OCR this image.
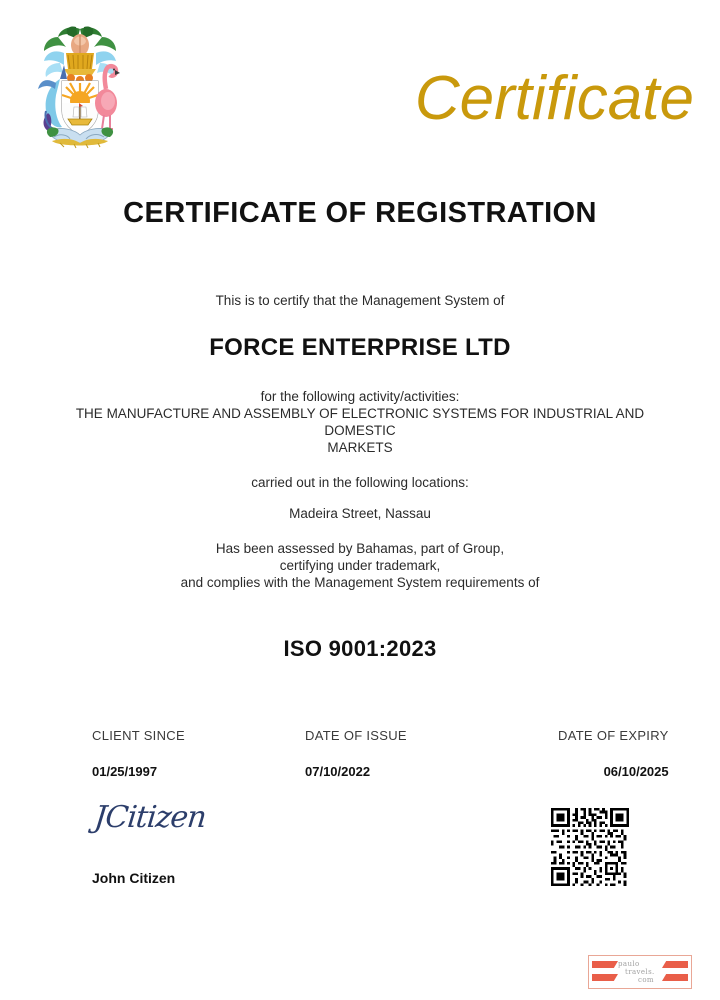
Certificate
CERTIFICATE OF REGISTRATION
This is to certify that the Management System of
FORCE ENTERPRISE LTD
for the following activity/activities:
THE MANUFACTURE AND ASSEMBLY OF ELECTRONIC SYSTEMS FOR INDUSTRIAL AND
DOMESTIC
MARKETS
carried out in the following locations:
Madeira Street, Nassau
Has been assessed by Bahamas, part of Group,
certifying under trademark,
and complies with the Management System requirements of
ISO 9001:2023
CLIENT SINCE
01/25/1997
DATE OF ISSUE
07/10/2022
DATE OF EXPIRY
06/10/2025
JCitizen
John Citizen
paulo
travels.
com
